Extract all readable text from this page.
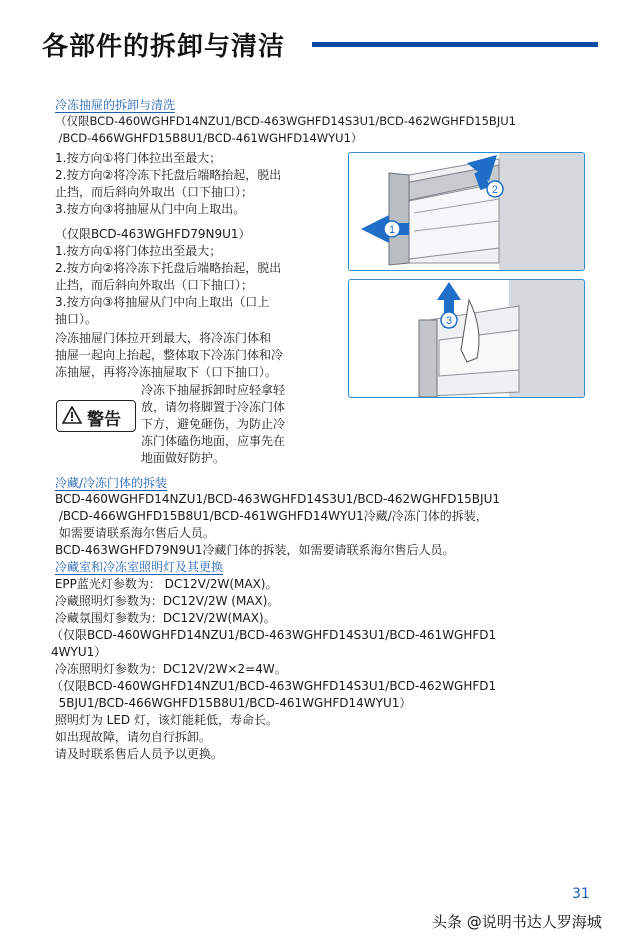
各部件的拆卸与清洁
冷冻抽屉的拆卸与清洗
（仅限BCD-460WGHFD14NZU1/BCD-463WGHFD14S3U1/BCD-462WGHFD15BJU1
/BCD-466WGHFD15B8U1/BCD-461WGHFD14WYU1）
1.按方向①将门体拉出至最大；
2.按方向②将冷冻下托盘后端略抬起，脱出
止挡，而后斜向外取出（口下抽口）；
3.按方向③将抽屉从门中向上取出。
（仅限BCD-463WGHFD79N9U1）
1.按方向①将门体拉出至最大；
2.按方向②将冷冻下托盘后端略抬起，脱出
止挡，而后斜向外取出（口下抽口）；
3.按方向③将抽屉从门中向上取出（口上
抽口）。
冷冻抽屉门体拉开到最大，将冷冻门体和
抽屉一起向上抬起，整体取下冷冻门体和冷
冻抽屉，再将冷冻抽屉取下（口下抽口）。
警告
冷冻下抽屉拆卸时应轻拿轻
放，请勿将脚置于冷冻门体
下方，避免砸伤，为防止冷
冻门体磕伤地面，应事先在
地面做好防护。
1
2
3
冷藏/冷冻门体的拆装
BCD-460WGHFD14NZU1/BCD-463WGHFD14S3U1/BCD-462WGHFD15BJU1
/BCD-466WGHFD15B8U1/BCD-461WGHFD14WYU1冷藏/冷冻门体的拆装，
如需要请联系海尔售后人员。
BCD-463WGHFD79N9U1冷藏门体的拆装，如需要请联系海尔售后人员。
冷藏室和冷冻室照明灯及其更换
EPP蓝光灯参数为： DC12V/2W(MAX)。
冷藏照明灯参数为：DC12V/2W (MAX)。
冷藏氛围灯参数为：DC12V/2W(MAX)。
（仅限BCD-460WGHFD14NZU1/BCD-463WGHFD14S3U1/BCD-461WGHFD1
4WYU1）
冷冻照明灯参数为：DC12V/2W×2=4W。
（仅限BCD-460WGHFD14NZU1/BCD-463WGHFD14S3U1/BCD-462WGHFD1
5BJU1/BCD-466WGHFD15B8U1/BCD-461WGHFD14WYU1）
照明灯为 LED 灯，该灯能耗低，寿命长。
如出现故障，请勿自行拆卸。
请及时联系售后人员予以更换。
31
头条 @说明书达人罗海城
